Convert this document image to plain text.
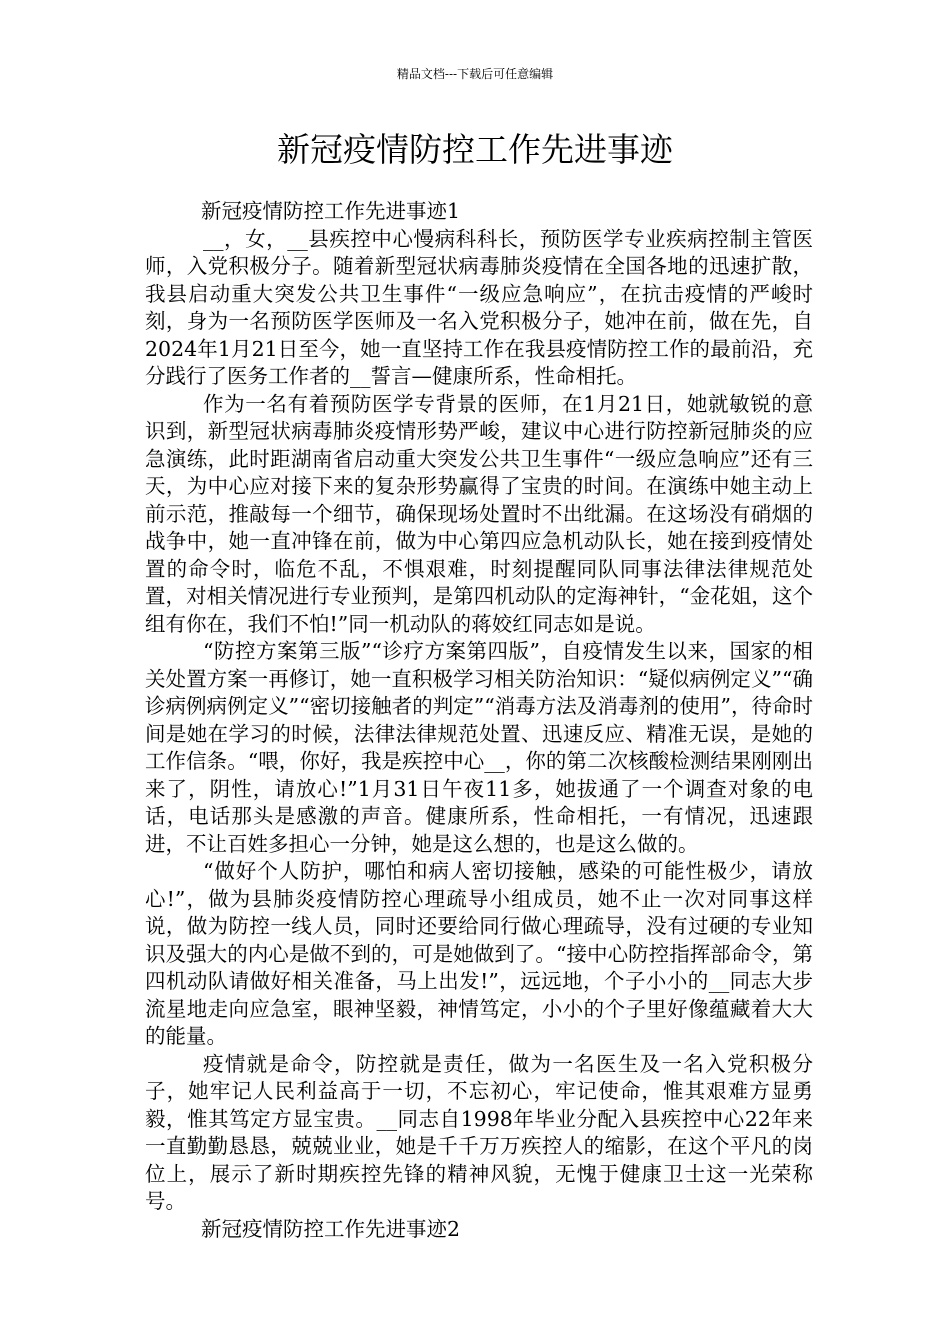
精品文档---下载后可任意编辑
新冠疫情防控工作先进事迹
新冠疫情防控工作先进事迹1

__，女，__县疾控中心慢病科科长，预防医学专业疾病控制主管医师，入党积极分子。随着新型冠状病毒肺炎疫情在全国各地的迅速扩散，我县启动重大突发公共卫生事件“一级应急响应”，在抗击疫情的严峻时刻，身为一名预防医学医师及一名入党积极分子，她冲在前，做在先，自2024年1月21日至今，她一直坚持工作在我县疫情防控工作的最前沿，充分践行了医务工作者的__誓言—健康所系，性命相托。

作为一名有着预防医学专背景的医师，在1月21日，她就敏锐的意识到，新型冠状病毒肺炎疫情形势严峻，建议中心进行防控新冠肺炎的应急演练，此时距湖南省启动重大突发公共卫生事件“一级应急响应”还有三天，为中心应对接下来的复杂形势赢得了宝贵的时间。在演练中她主动上前示范，推敲每一个细节，确保现场处置时不出纰漏。在这场没有硝烟的战争中，她一直冲锋在前，做为中心第四应急机动队长，她在接到疫情处置的命令时，临危不乱，不惧艰难，时刻提醒同队同事法律法律规范处置，对相关情况进行专业预判，是第四机动队的定海神针，“金花姐，这个组有你在，我们不怕!”同一机动队的蒋姣红同志如是说。

“防控方案第三版”“诊疗方案第四版”，自疫情发生以来，国家的相关处置方案一再修订，她一直积极学习相关防治知识：“疑似病例定义”“确诊病例病例定义”“密切接触者的判定”“消毒方法及消毒剂的使用”，待命时间是她在学习的时候，法律法律规范处置、迅速反应、精准无误，是她的工作信条。“喂，你好，我是疾控中心__，你的第二次核酸检测结果刚刚出来了，阴性，请放心!”1月31日午夜11多，她拔通了一个调查对象的电话，电话那头是感激的声音。健康所系，性命相托，一有情况，迅速跟进，不让百姓多担心一分钟，她是这么想的，也是这么做的。

“做好个人防护，哪怕和病人密切接触，感染的可能性极少，请放心!”，做为县肺炎疫情防控心理疏导小组成员，她不止一次对同事这样说，做为防控一线人员，同时还要给同行做心理疏导，没有过硬的专业知识及强大的内心是做不到的，可是她做到了。“接中心防控指挥部命令，第四机动队请做好相关准备，马上出发!”，远远地，个子小小的__同志大步流星地走向应急室，眼神坚毅，神情笃定，小小的个子里好像蕴藏着大大的能量。

疫情就是命令，防控就是责任，做为一名医生及一名入党积极分子，她牢记人民利益高于一切，不忘初心，牢记使命，惟其艰难方显勇毅，惟其笃定方显宝贵。__同志自1998年毕业分配入县疾控中心22年来一直勤勤恳恳，兢兢业业，她是千千万万疾控人的缩影，在这个平凡的岗位上，展示了新时期疾控先锋的精神风貌，无愧于健康卫士这一光荣称号。

新冠疫情防控工作先进事迹2
